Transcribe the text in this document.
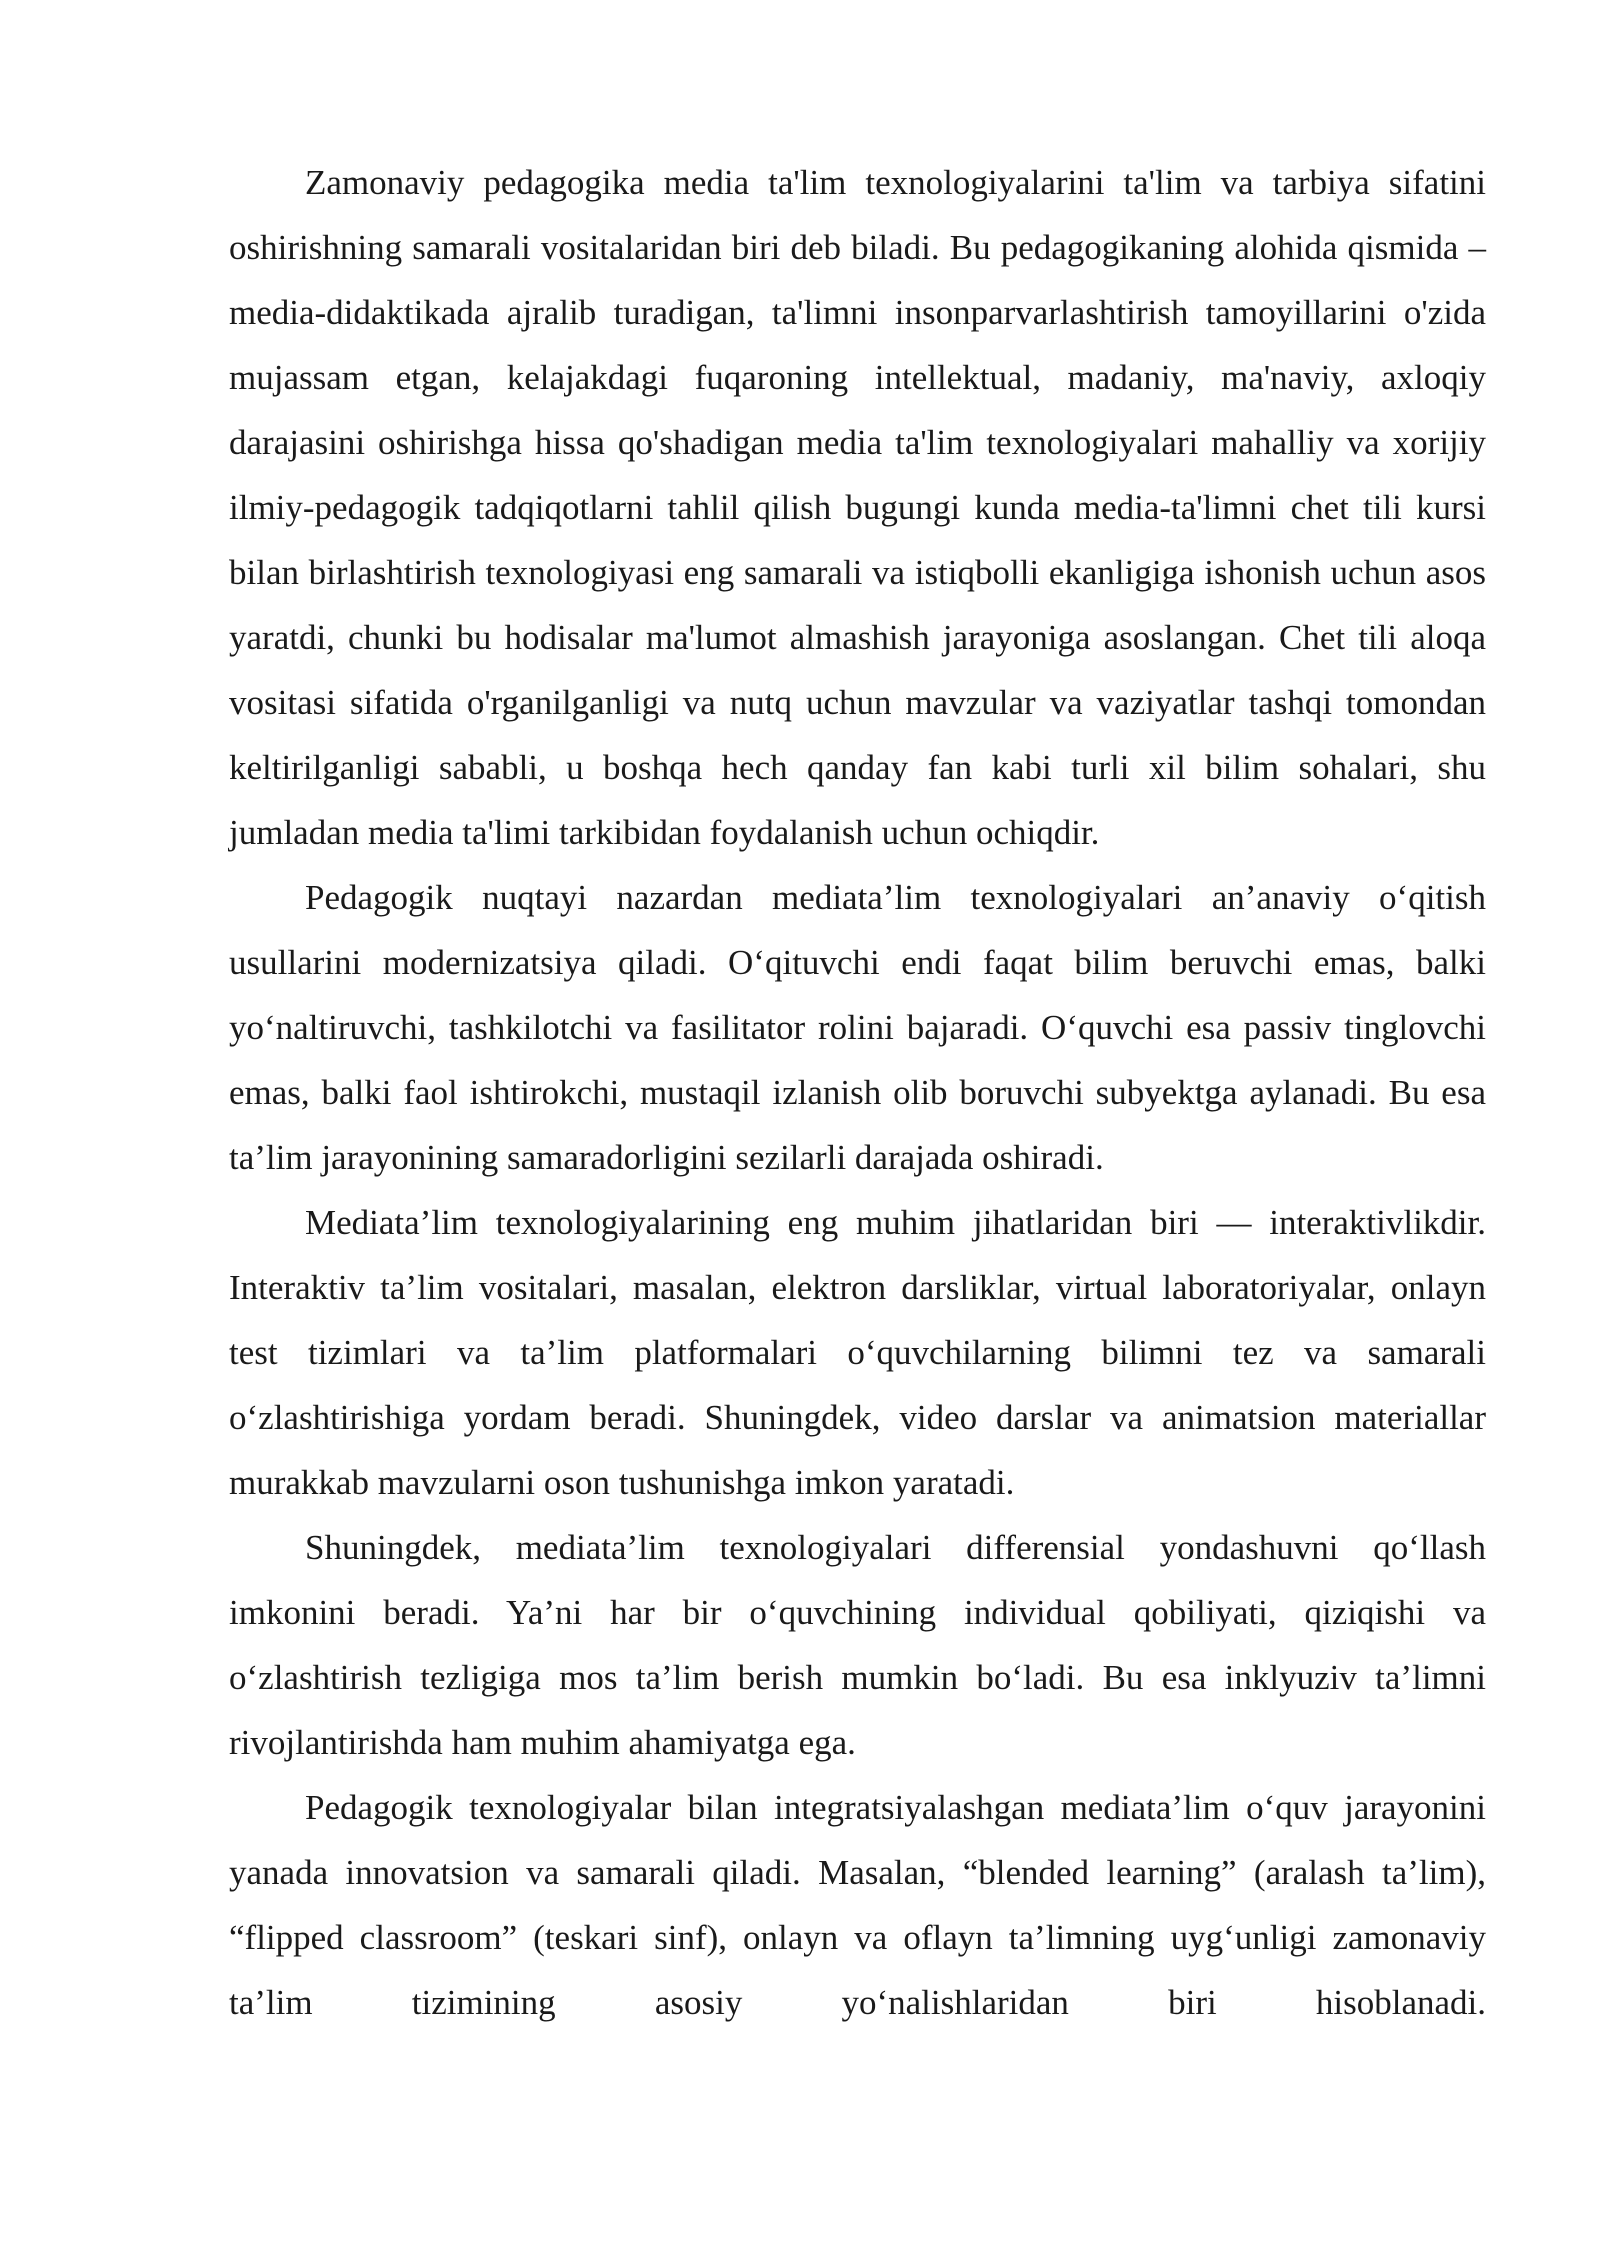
Zamonaviy pedagogika media ta'lim texnologiyalarini ta'lim va tarbiya sifatini oshirishning samarali vositalaridan biri deb biladi. Bu pedagogikaning alohida qismida – media-didaktikada ajralib turadigan, ta'limni insonparvarlashtirish tamoyillarini o'zida mujassam etgan, kelajakdagi fuqaroning intellektual, madaniy, ma'naviy, axloqiy darajasini oshirishga hissa qo'shadigan media ta'lim texnologiyalari mahalliy va xorijiy ilmiy-pedagogik tadqiqotlarni tahlil qilish bugungi kunda media-ta'limni chet tili kursi bilan birlashtirish texnologiyasi eng samarali va istiqbolli ekanligiga ishonish uchun asos yaratdi, chunki bu hodisalar ma'lumot almashish jarayoniga asoslangan. Chet tili aloqa vositasi sifatida o'rganilganligi va nutq uchun mavzular va vaziyatlar tashqi tomondan keltirilganligi sababli, u boshqa hech qanday fan kabi turli xil bilim sohalari, shu jumladan media ta'limi tarkibidan foydalanish uchun ochiqdir.

Pedagogik nuqtayi nazardan mediata’lim texnologiyalari an’anaviy o‘qitish usullarini modernizatsiya qiladi. O‘qituvchi endi faqat bilim beruvchi emas, balki yo‘naltiruvchi, tashkilotchi va fasilitator rolini bajaradi. O‘quvchi esa passiv tinglovchi emas, balki faol ishtirokchi, mustaqil izlanish olib boruvchi subyektga aylanadi. Bu esa ta’lim jarayonining samaradorligini sezilarli darajada oshiradi.

Mediata’lim texnologiyalarining eng muhim jihatlaridan biri — interaktivlikdir. Interaktiv ta’lim vositalari, masalan, elektron darsliklar, virtual laboratoriyalar, onlayn test tizimlari va ta’lim platformalari o‘quvchilarning bilimni tez va samarali o‘zlashtirishiga yordam beradi. Shuningdek, video darslar va animatsion materiallar murakkab mavzularni oson tushunishga imkon yaratadi.

Shuningdek, mediata’lim texnologiyalari differensial yondashuvni qo‘llash imkonini beradi. Ya’ni har bir o‘quvchining individual qobiliyati, qiziqishi va o‘zlashtirish tezligiga mos ta’lim berish mumkin bo‘ladi. Bu esa inklyuziv ta’limni rivojlantirishda ham muhim ahamiyatga ega.

Pedagogik texnologiyalar bilan integratsiyalashgan mediata’lim o‘quv jarayonini yanada innovatsion va samarali qiladi. Masalan, “blended learning” (aralash ta’lim), “flipped classroom” (teskari sinf), onlayn va oflayn ta’limning uyg‘unligi zamonaviy ta’lim tizimining asosiy yo‘nalishlaridan biri hisoblanadi.
